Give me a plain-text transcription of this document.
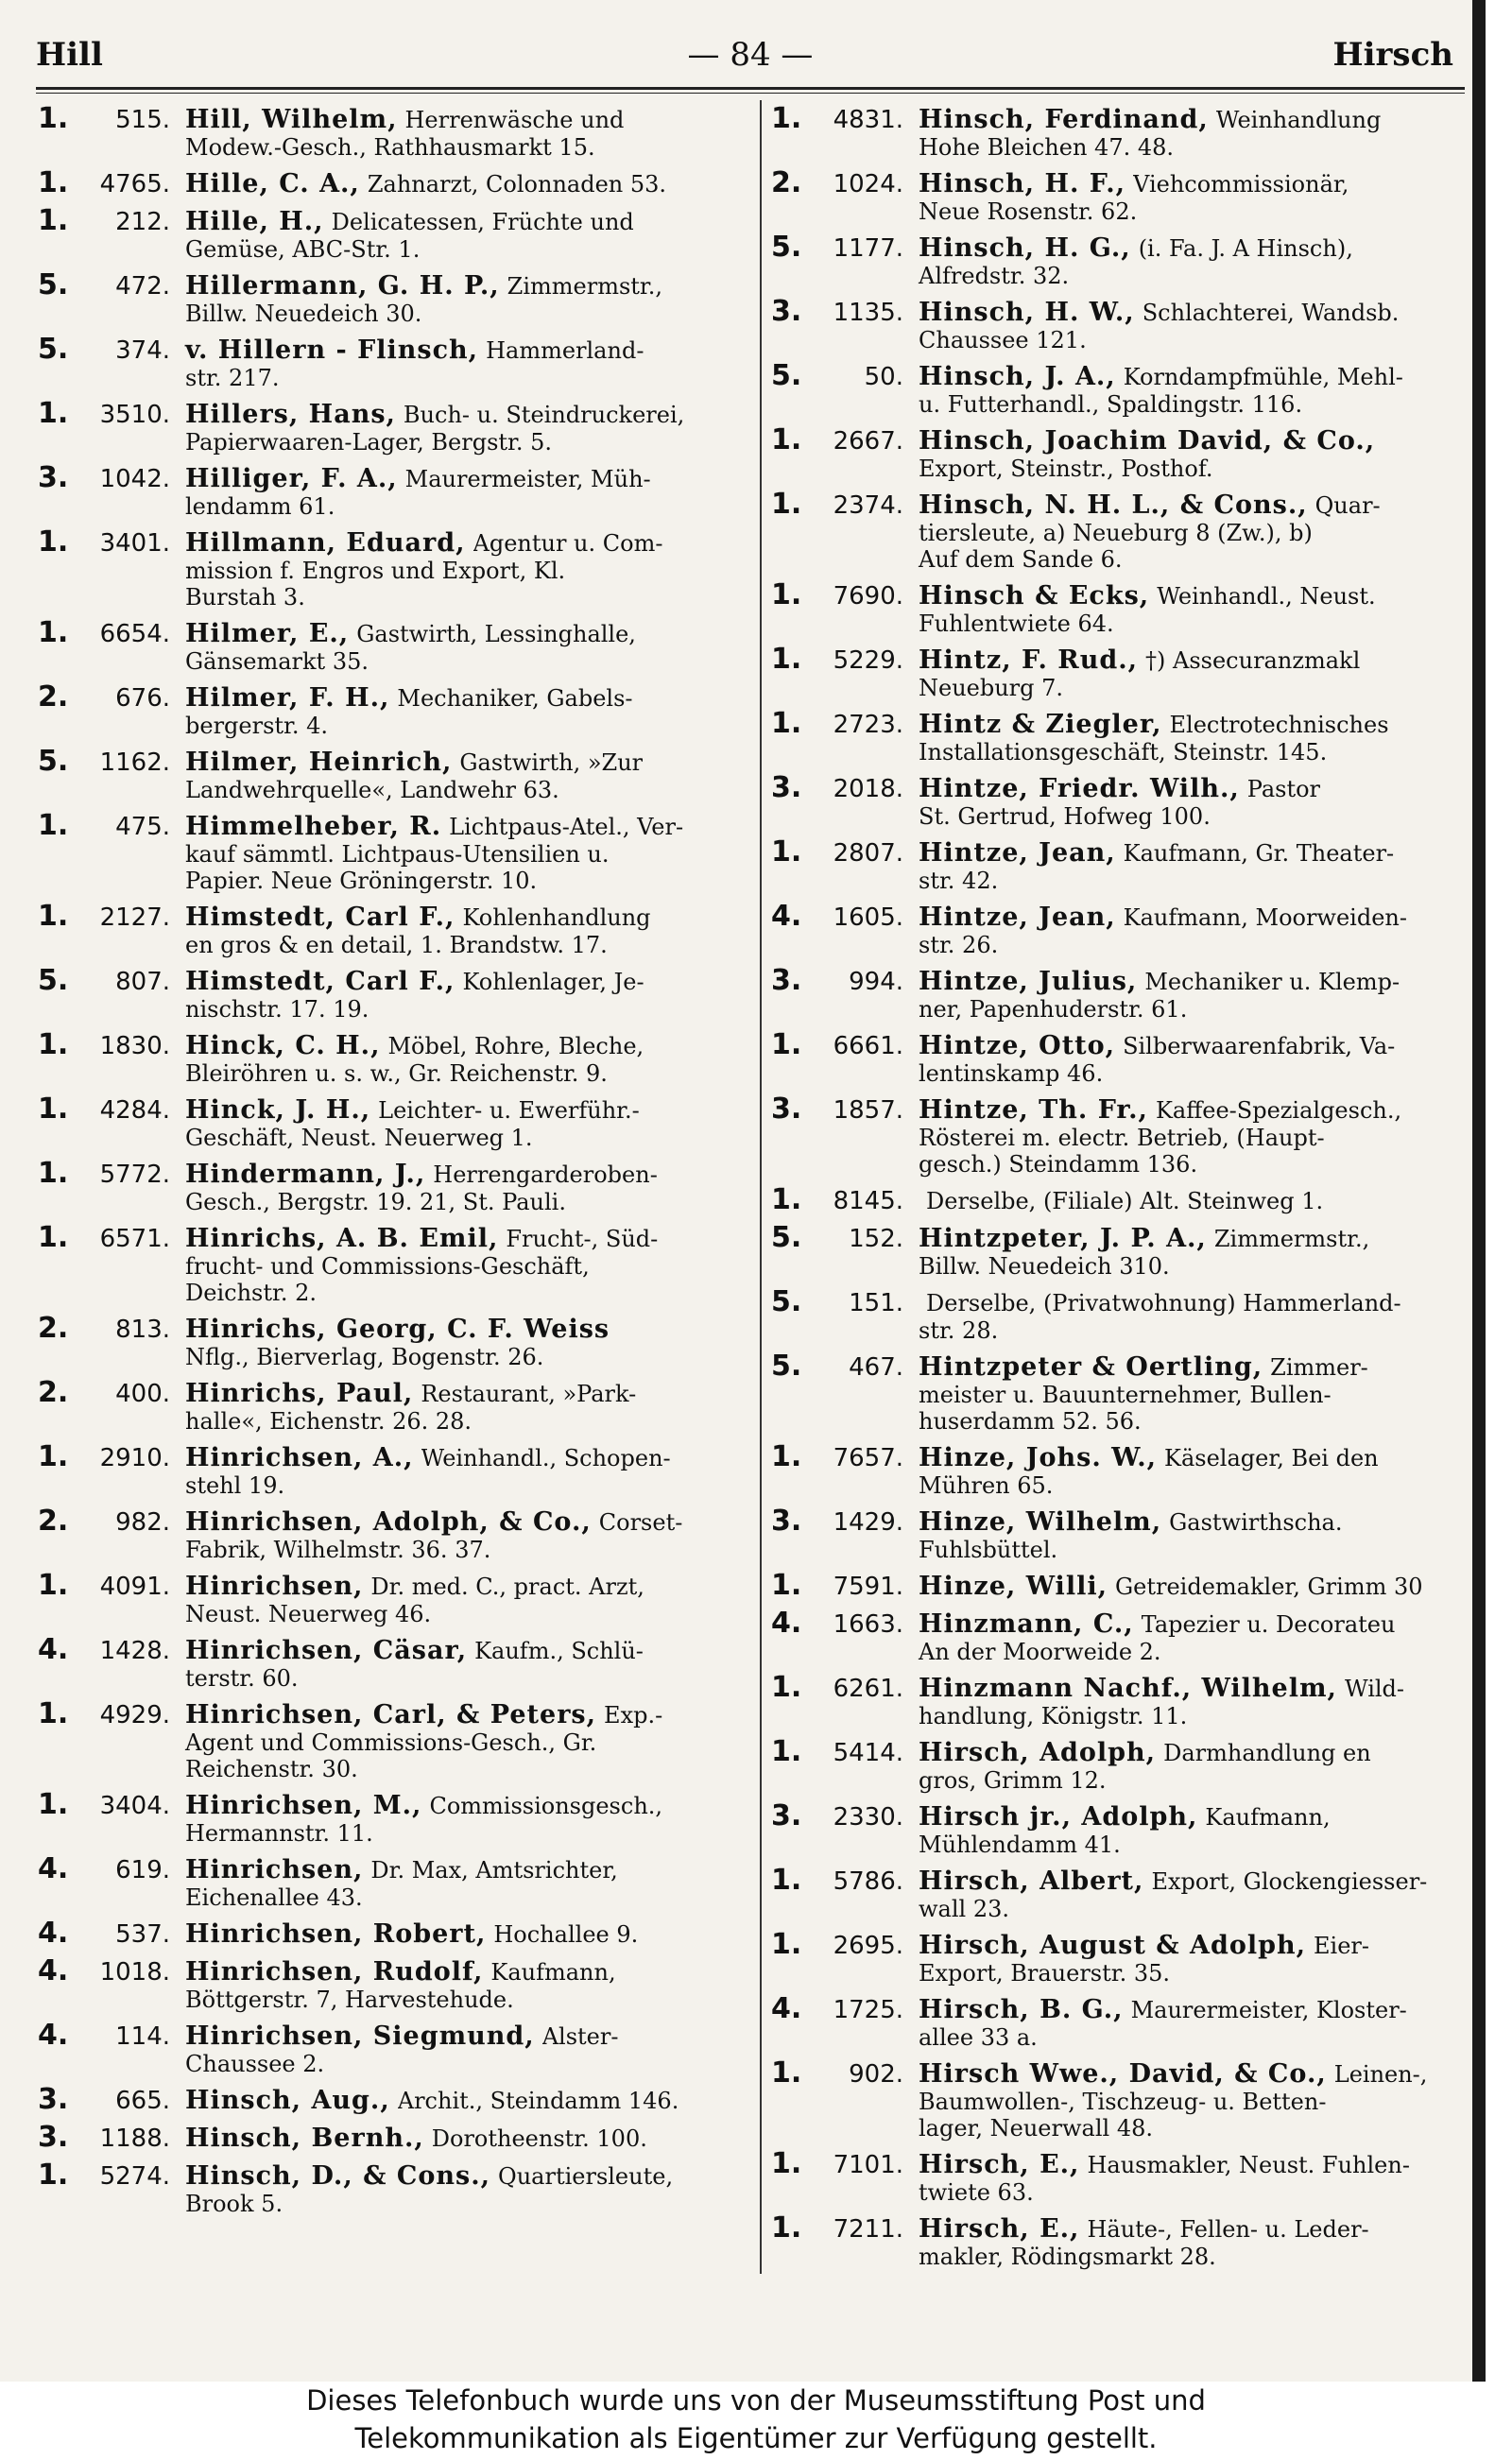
Hill	— 84 —	Hirsch
1.	515. Hill, Wilhelm, Herrenwäsche und
Modew.-Gesch., Rathhausmarkt 15.
1.	4765. Hille, C. A., Zahnarzt, Colonnaden 53.
1.	212. Hille, H., Delicatessen, Früchte und
Gemüse, ABC-Str. 1.
5.	472. Hillermann, G. H. P., Zimmermstr.,
Billw. Neuedeich 30.
5.	374. v. Hillern - Flinsch, Hammerland-
str. 217.
1.	3510. Hillers, Hans, Buch- u. Steindruckerei,
Papierwaaren-Lager, Bergstr. 5.
3.	1042. Hilliger, F. A., Maurermeister, Müh-
lendamm 61.
1.	3401. Hillmann, Eduard, Agentur u. Com-
mission f. Engros und Export, Kl.
Burstah 3.
1.	6654. Hilmer, E., Gastwirth, Lessinghalle,
Gänsemarkt 35.
2.	676. Hilmer, F. H., Mechaniker, Gabels-
bergerstr. 4.
5.	1162. Hilmer, Heinrich, Gastwirth, »Zur
Landwehrquelle«, Landwehr 63.
1.	475. Himmelheber, R. Lichtpaus-Atel., Ver-
kauf sämmtl. Lichtpaus-Utensilien u.
Papier. Neue Gröningerstr. 10.
1.	2127. Himstedt, Carl F., Kohlenhandlung
en gros & en detail, 1. Brandstw. 17.
5.	807. Himstedt, Carl F., Kohlenlager, Je-
nischstr. 17. 19.
1.	1830. Hinck, C. H., Möbel, Rohre, Bleche,
Bleiröhren u. s. w., Gr. Reichenstr. 9.
1.	4284. Hinck, J. H., Leichter- u. Ewerführ.-
Geschäft, Neust. Neuerweg 1.
1.	5772. Hindermann, J., Herrengarderoben-
Gesch., Bergstr. 19. 21, St. Pauli.
1.	6571. Hinrichs, A. B. Emil, Frucht-, Süd-
frucht- und Commissions-Geschäft,
Deichstr. 2.
2.	813. Hinrichs, Georg, C. F. Weiss
Nflg., Bierverlag, Bogenstr. 26.
2.	400. Hinrichs, Paul, Restaurant, »Park-
halle«, Eichenstr. 26. 28.
1.	2910. Hinrichsen, A., Weinhandl., Schopen-
stehl 19.
2.	982. Hinrichsen, Adolph, & Co., Corset-
Fabrik, Wilhelmstr. 36. 37.
1.	4091. Hinrichsen, Dr. med. C., pract. Arzt,
Neust. Neuerweg 46.
4.	1428. Hinrichsen, Cäsar, Kaufm., Schlü-
terstr. 60.
1.	4929. Hinrichsen, Carl, & Peters, Exp.-
Agent und Commissions-Gesch., Gr.
Reichenstr. 30.
1.	3404. Hinrichsen, M., Commissionsgesch.,
Hermannstr. 11.
4.	619. Hinrichsen, Dr. Max, Amtsrichter,
Eichenallee 43.
4.	537. Hinrichsen, Robert, Hochallee 9.
4.	1018. Hinrichsen, Rudolf, Kaufmann,
Böttgerstr. 7, Harvestehude.
4.	114. Hinrichsen, Siegmund, Alster-
Chaussee 2.
3.	665. Hinsch, Aug., Archit., Steindamm 146.
3.	1188. Hinsch, Bernh., Dorotheenstr. 100.
1.	5274. Hinsch, D., & Cons., Quartiersleute,
Brook 5.
1.	4831. Hinsch, Ferdinand, Weinhandlung
Hohe Bleichen 47. 48.
2.	1024. Hinsch, H. F., Viehcommissionär,
Neue Rosenstr. 62.
5.	1177. Hinsch, H. G., (i. Fa. J. A Hinsch),
Alfredstr. 32.
3.	1135. Hinsch, H. W., Schlachterei, Wandsb.
Chaussee 121.
5.	50. Hinsch, J. A., Korndampfmühle, Mehl-
u. Futterhandl., Spaldingstr. 116.
1.	2667. Hinsch, Joachim David, & Co.,
Export, Steinstr., Posthof.
1.	2374. Hinsch, N. H. L., & Cons., Quar-
tiersleute, a) Neueburg 8 (Zw.), b)
Auf dem Sande 6.
1.	7690. Hinsch & Ecks, Weinhandl., Neust.
Fuhlentwiete 64.
1.	5229. Hintz, F. Rud., †) Assecuranzmakl
Neueburg 7.
1.	2723. Hintz & Ziegler, Electrotechnisches
Installationsgeschäft, Steinstr. 145.
3.	2018. Hintze, Friedr. Wilh., Pastor
St. Gertrud, Hofweg 100.
1.	2807. Hintze, Jean, Kaufmann, Gr. Theater-
str. 42.
4.	1605. Hintze, Jean, Kaufmann, Moorweiden-
str. 26.
3.	994. Hintze, Julius, Mechaniker u. Klemp-
ner, Papenhuderstr. 61.
1.	6661. Hintze, Otto, Silberwaarenfabrik, Va-
lentinskamp 46.
3.	1857. Hintze, Th. Fr., Kaffee-Spezialgesch.,
Rösterei m. electr. Betrieb, (Haupt-
gesch.) Steindamm 136.
1.	8145.	Derselbe, (Filiale) Alt. Steinweg 1.
5.	152. Hintzpeter, J. P. A., Zimmermstr.,
Billw. Neuedeich 310.
5.	151.	Derselbe, (Privatwohnung) Hammerland-
str. 28.
5.	467. Hintzpeter & Oertling, Zimmer-
meister u. Bauunternehmer, Bullen-
huserdamm 52. 56.
1.	7657. Hinze, Johs. W., Käselager, Bei den
Mühren 65.
3.	1429. Hinze, Wilhelm, Gastwirthscha.
Fuhlsbüttel.
1.	7591. Hinze, Willi, Getreidemakler, Grimm 30
4.	1663. Hinzmann, C., Tapezier u. Decorateu
An der Moorweide 2.
1.	6261. Hinzmann Nachf., Wilhelm, Wild-
handlung, Königstr. 11.
1.	5414. Hirsch, Adolph, Darmhandlung en
gros, Grimm 12.
3.	2330. Hirsch jr., Adolph, Kaufmann,
Mühlendamm 41.
1.	5786. Hirsch, Albert, Export, Glockengiesser-
wall 23.
1.	2695. Hirsch, August & Adolph, Eier-
Export, Brauerstr. 35.
4.	1725. Hirsch, B. G., Maurermeister, Kloster-
allee 33 a.
1.	902. Hirsch Wwe., David, & Co., Leinen-,
Baumwollen-, Tischzeug- u. Betten-
lager, Neuerwall 48.
1.	7101. Hirsch, E., Hausmakler, Neust. Fuhlen-
twiete 63.
1.	7211. Hirsch, E., Häute-, Fellen- u. Leder-
makler, Rödingsmarkt 28.
Dieses Telefonbuch wurde uns von der Museumsstiftung Post und
Telekommunikation als Eigentümer zur Verfügung gestellt.
